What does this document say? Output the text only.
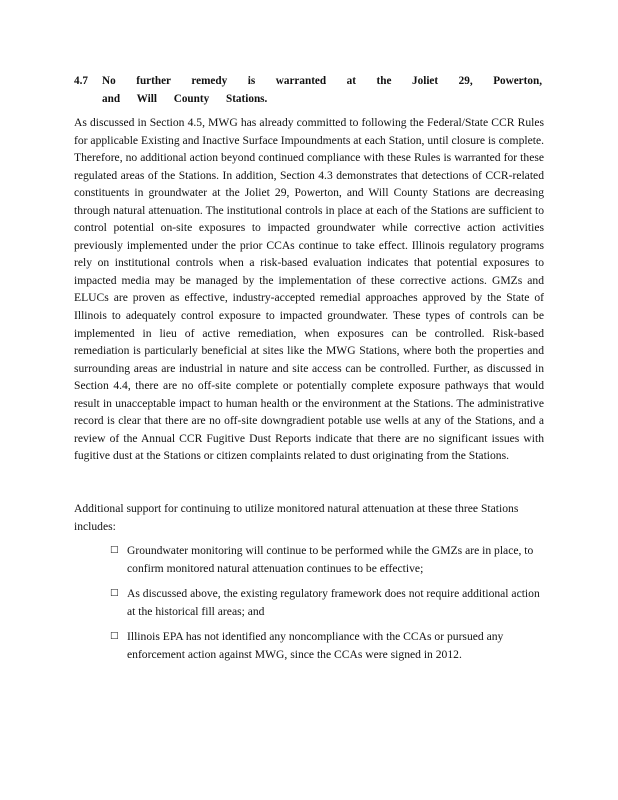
4.7 No further remedy is warranted at the Joliet 29, Powerton, and Will County Stations.

As discussed in Section 4.5, MWG has already committed to following the Federal/State CCR Rules for applicable Existing and Inactive Surface Impoundments at each Station, until closure is complete. Therefore, no additional action beyond continued compliance with these Rules is warranted for these regulated areas of the Stations. In addition, Section 4.3 demonstrates that detections of CCR-related constituents in groundwater at the Joliet 29, Powerton, and Will County Stations are decreasing through natural attenuation. The institutional controls in place at each of the Stations are sufficient to control potential on-site exposures to impacted groundwater while corrective action activities previously implemented under the prior CCAs continue to take effect. Illinois regulatory programs rely on institutional controls when a risk-based evaluation indicates that potential exposures to impacted media may be managed by the implementation of these corrective actions. GMZs and ELUCs are proven as effective, industry-accepted remedial approaches approved by the State of Illinois to adequately control exposure to impacted groundwater. These types of controls can be implemented in lieu of active remediation, when exposures can be controlled. Risk-based remediation is particularly beneficial at sites like the MWG Stations, where both the properties and surrounding areas are industrial in nature and site access can be controlled. Further, as discussed in Section 4.4, there are no off-site complete or potentially complete exposure pathways that would result in unacceptable impact to human health or the environment at the Stations. The administrative record is clear that there are no off-site downgradient potable use wells at any of the Stations, and a review of the Annual CCR Fugitive Dust Reports indicate that there are no significant issues with fugitive dust at the Stations or citizen complaints related to dust originating from the Stations.

Additional support for continuing to utilize monitored natural attenuation at these three Stations includes:

□ Groundwater monitoring will continue to be performed while the GMZs are in place, to confirm monitored natural attenuation continues to be effective;
□ As discussed above, the existing regulatory framework does not require additional action at the historical fill areas; and
□ Illinois EPA has not identified any noncompliance with the CCAs or pursued any enforcement action against MWG, since the CCAs were signed in 2012.
